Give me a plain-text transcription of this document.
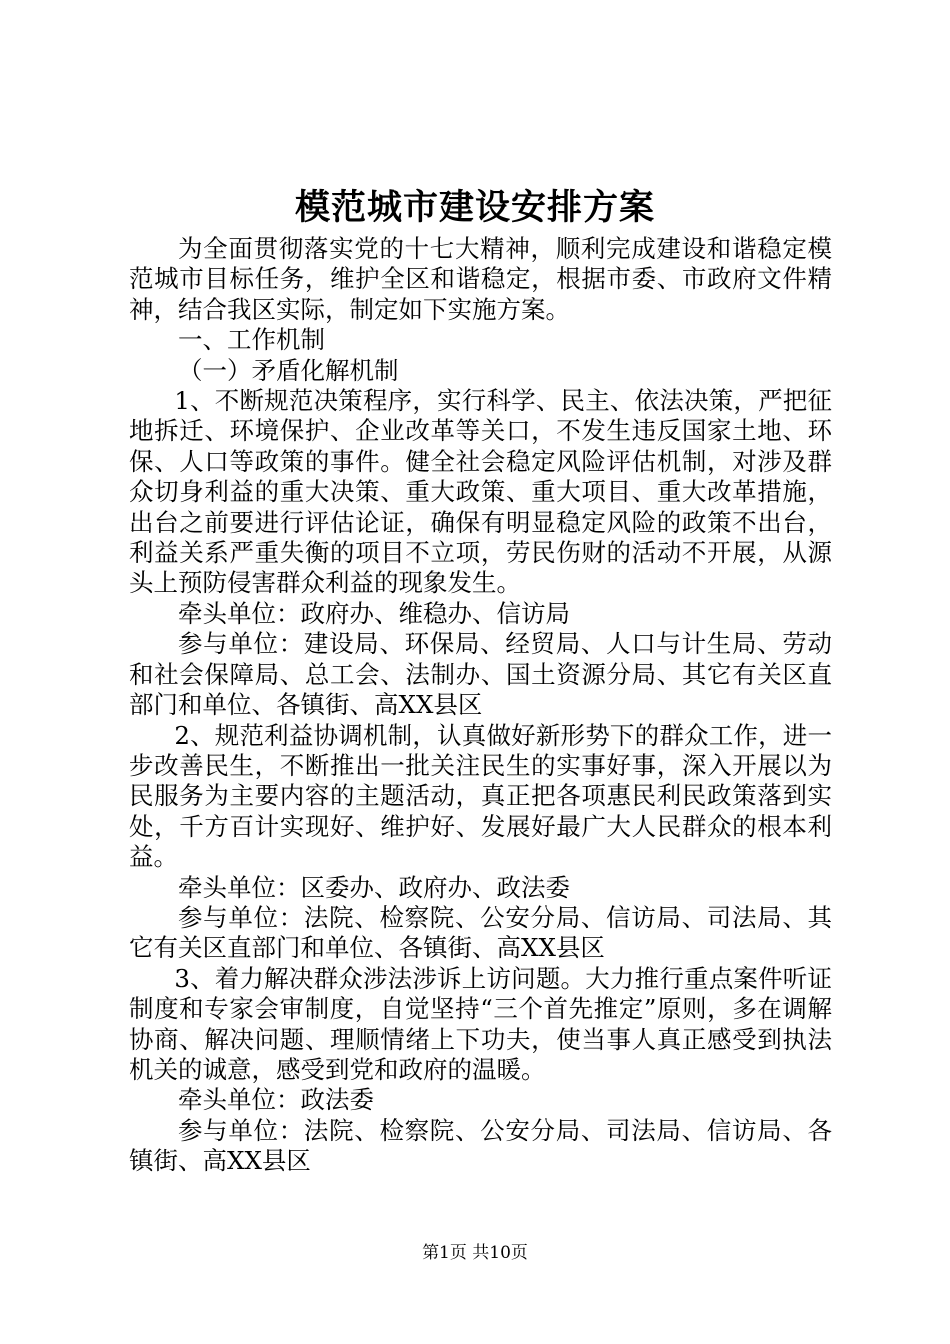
模范城市建设安排方案

为全面贯彻落实党的十七大精神，顺利完成建设和谐稳定模范城市目标任务，维护全区和谐稳定，根据市委、市政府文件精神，结合我区实际，制定如下实施方案。

一、工作机制

（一）矛盾化解机制

1、不断规范决策程序，实行科学、民主、依法决策，严把征地拆迁、环境保护、企业改革等关口，不发生违反国家土地、环保、人口等政策的事件。健全社会稳定风险评估机制，对涉及群众切身利益的重大决策、重大政策、重大项目、重大改革措施，出台之前要进行评估论证，确保有明显稳定风险的政策不出台，利益关系严重失衡的项目不立项，劳民伤财的活动不开展，从源头上预防侵害群众利益的现象发生。

牵头单位：政府办、维稳办、信访局

参与单位：建设局、环保局、经贸局、人口与计生局、劳动和社会保障局、总工会、法制办、国土资源分局、其它有关区直部门和单位、各镇街、高XX县区

2、规范利益协调机制，认真做好新形势下的群众工作，进一步改善民生，不断推出一批关注民生的实事好事，深入开展以为民服务为主要内容的主题活动，真正把各项惠民利民政策落到实处，千方百计实现好、维护好、发展好最广大人民群众的根本利益。

牵头单位：区委办、政府办、政法委

参与单位：法院、检察院、公安分局、信访局、司法局、其它有关区直部门和单位、各镇街、高XX县区

3、着力解决群众涉法涉诉上访问题。大力推行重点案件听证制度和专家会审制度，自觉坚持“三个首先推定”原则，多在调解协商、解决问题、理顺情绪上下功夫，使当事人真正感受到执法机关的诚意，感受到党和政府的温暖。

牵头单位：政法委

参与单位：法院、检察院、公安分局、司法局、信访局、各镇街、高XX县区

第1页 共10页
